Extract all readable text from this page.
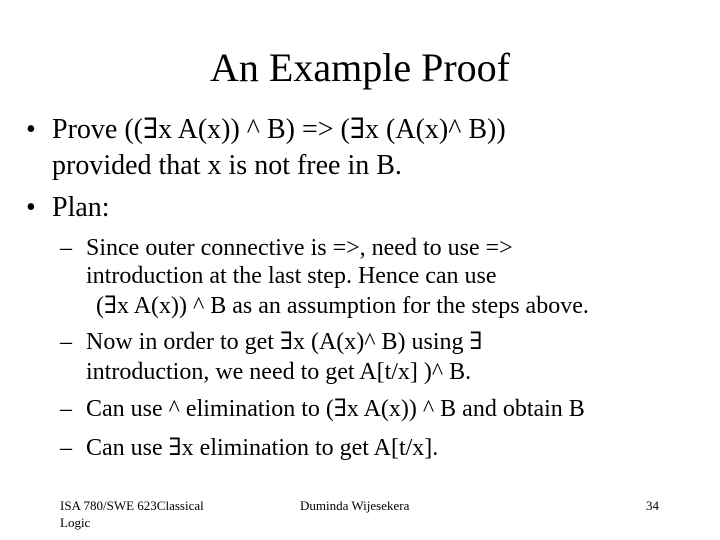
An Example Proof
• Prove ((∃x A(x)) ^ B) => (∃x (A(x)^ B))
provided that x is not free in B.
• Plan:
– Since outer connective is =>, need to use =>
introduction at the last step. Hence can use
(∃x A(x)) ^ B as an assumption for the steps above.
– Now in order to get ∃x (A(x)^ B) using ∃
introduction, we need to get A[t/x] )^ B.
– Can use ^ elimination to (∃x A(x)) ^ B and obtain B
– Can use ∃x elimination to get A[t/x].
ISA 780/SWE 623Classical
Logic
Duminda Wijesekera	34
